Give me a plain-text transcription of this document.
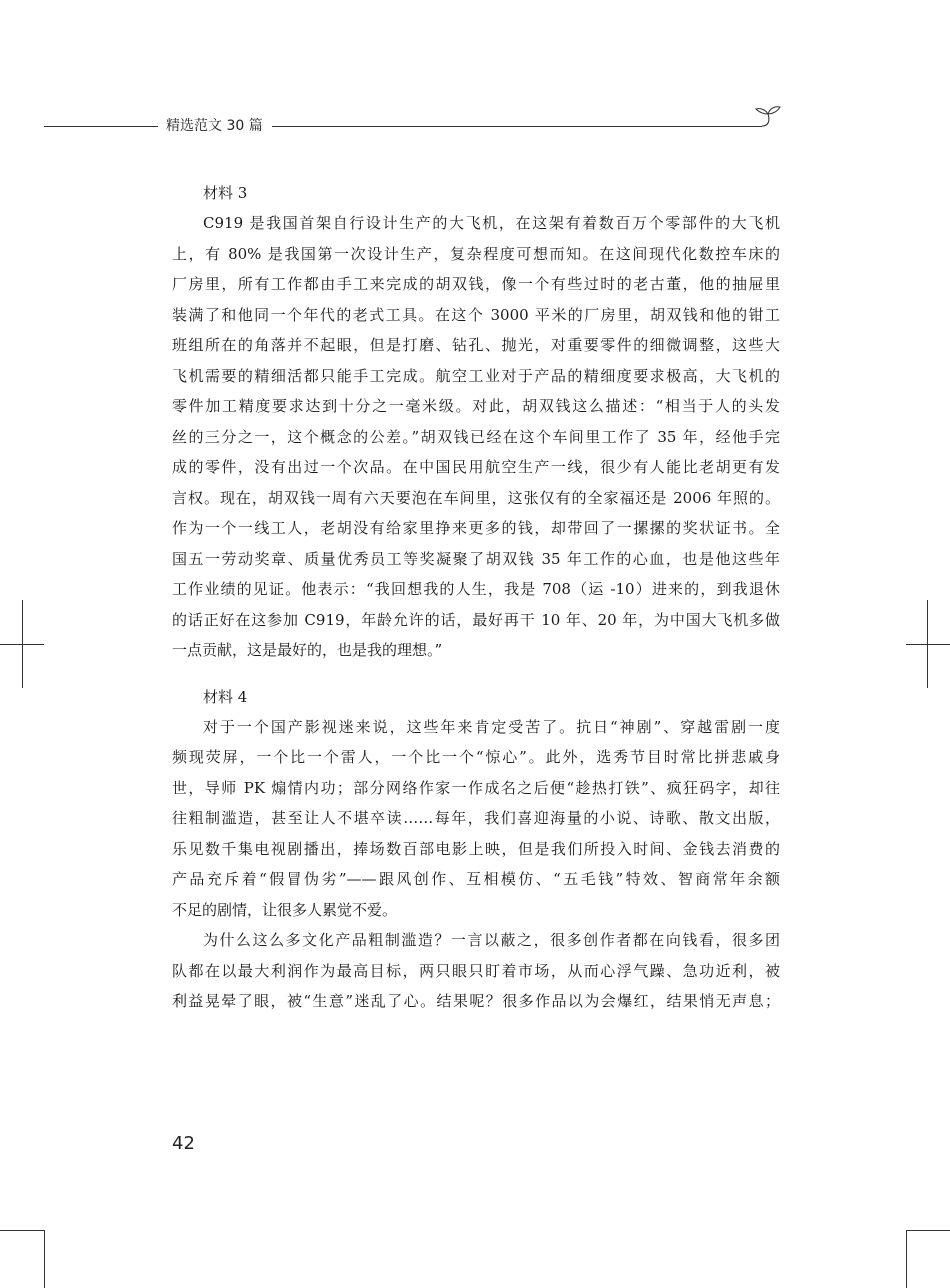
精选范文 30 篇
材料 3
C919 是我国首架自行设计生产的大飞机，在这架有着数百万个零部件的大飞机
上，有 80% 是我国第一次设计生产，复杂程度可想而知。在这间现代化数控车床的
厂房里，所有工作都由手工来完成的胡双钱，像一个有些过时的老古董，他的抽屉里
装满了和他同一个年代的老式工具。在这个 3000 平米的厂房里，胡双钱和他的钳工
班组所在的角落并不起眼，但是打磨、钻孔、抛光，对重要零件的细微调整，这些大
飞机需要的精细活都只能手工完成。航空工业对于产品的精细度要求极高，大飞机的
零件加工精度要求达到十分之一毫米级。对此，胡双钱这么描述：“相当于人的头发
丝的三分之一，这个概念的公差。”胡双钱已经在这个车间里工作了 35 年，经他手完
成的零件，没有出过一个次品。在中国民用航空生产一线，很少有人能比老胡更有发
言权。现在，胡双钱一周有六天要泡在车间里，这张仅有的全家福还是 2006 年照的。
作为一个一线工人，老胡没有给家里挣来更多的钱，却带回了一摞摞的奖状证书。全
国五一劳动奖章、质量优秀员工等奖凝聚了胡双钱 35 年工作的心血，也是他这些年
工作业绩的见证。他表示：“我回想我的人生，我是 708（运 -10）进来的，到我退休
的话正好在这参加 C919，年龄允许的话，最好再干 10 年、20 年，为中国大飞机多做
一点贡献，这是最好的，也是我的理想。”
材料 4
对于一个国产影视迷来说，这些年来肯定受苦了。抗日“神剧”、穿越雷剧一度
频现荧屏，一个比一个雷人，一个比一个“惊心”。此外，选秀节目时常比拼悲戚身
世，导师 PK 煽情内功；部分网络作家一作成名之后便“趁热打铁”、疯狂码字，却往
往粗制滥造，甚至让人不堪卒读……每年，我们喜迎海量的小说、诗歌、散文出版，
乐见数千集电视剧播出，捧场数百部电影上映，但是我们所投入时间、金钱去消费的
产品充斥着“假冒伪劣”——跟风创作、互相模仿、“五毛钱”特效、智商常年余额
不足的剧情，让很多人累觉不爱。
为什么这么多文化产品粗制滥造？一言以蔽之，很多创作者都在向钱看，很多团
队都在以最大利润作为最高目标，两只眼只盯着市场，从而心浮气躁、急功近利，被
利益晃晕了眼，被“生意”迷乱了心。结果呢？很多作品以为会爆红，结果悄无声息；
42
